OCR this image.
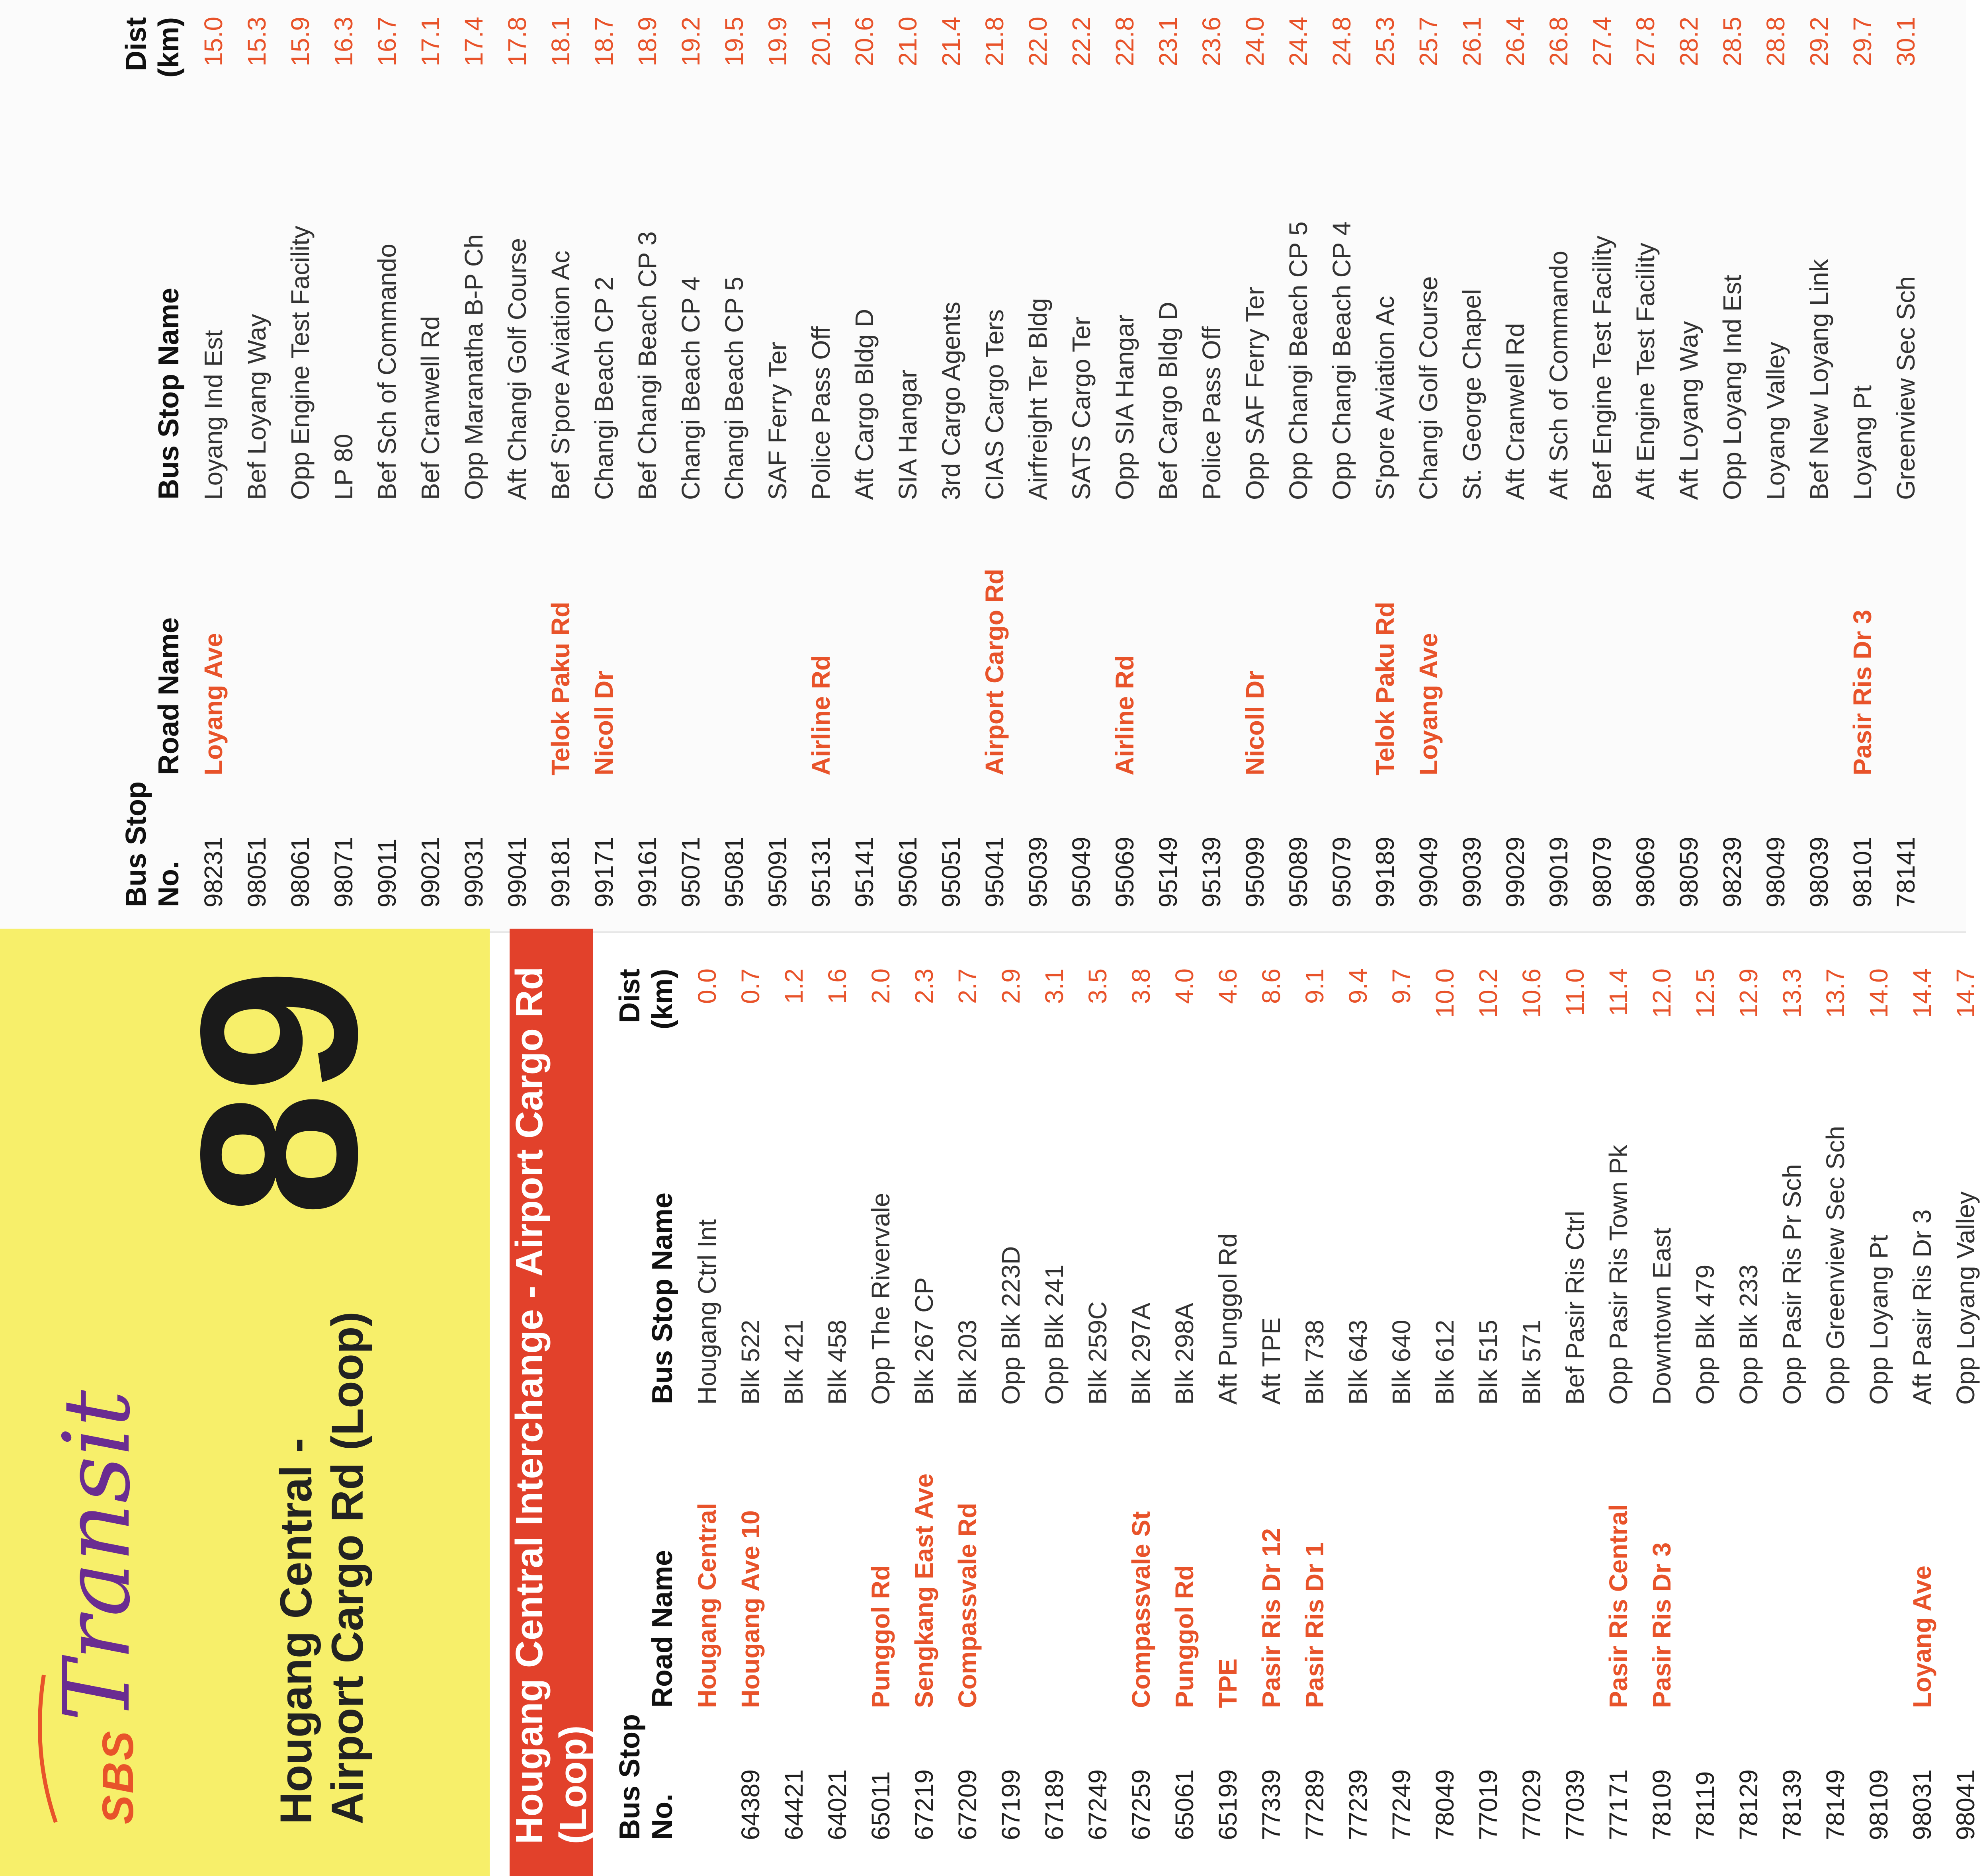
Bus Stop
No.	Road Name	Bus Stop Name	Dist
(km)
98231	Loyang Ave	Loyang Ind Est	15.0
98051		Bef Loyang Way	15.3
98061		Opp Engine Test Facility	15.9
98071		LP 80	16.3
99011		Bef Sch of Commando	16.7
99021		Bef Cranwell Rd	17.1
99031		Opp Maranatha B-P Ch	17.4
99041		Aft Changi Golf Course	17.8
99181	Telok Paku Rd	Bef S'pore Aviation Ac	18.1
99171	Nicoll Dr	Changi Beach CP 2	18.7
99161		Bef Changi Beach CP 3	18.9
95071		Changi Beach CP 4	19.2
95081		Changi Beach CP 5	19.5
95091		SAF Ferry Ter	19.9
95131	Airline Rd	Police Pass Off	20.1
95141		Aft Cargo Bldg D	20.6
95061		SIA Hangar	21.0
95051		3rd Cargo Agents	21.4
95041	Airport Cargo Rd	CIAS Cargo Ters	21.8
95039		Airfreight Ter Bldg	22.0
95049		SATS Cargo Ter	22.2
95069	Airline Rd	Opp SIA Hangar	22.8
95149		Bef Cargo Bldg D	23.1
95139		Police Pass Off	23.6
95099	Nicoll Dr	Opp SAF Ferry Ter	24.0
95089		Opp Changi Beach CP 5	24.4
95079		Opp Changi Beach CP 4	24.8
99189	Telok Paku Rd	S'pore Aviation Ac	25.3
99049	Loyang Ave	Changi Golf Course	25.7
99039		St. George Chapel	26.1
99029		Aft Cranwell Rd	26.4
99019		Aft Sch of Commando	26.8
98079		Bef Engine Test Facility	27.4
98069		Aft Engine Test Facility	27.8
98059		Aft Loyang Way	28.2
98239		Opp Loyang Ind Est	28.5
98049		Loyang Valley	28.8
98039		Bef New Loyang Link	29.2
98101	Pasir Ris Dr 3	Loyang Pt	29.7
78141		Greenview Sec Sch	30.1
SBS
Transit	Hougang Central - Airport Cargo Rd (Loop)
89	Hougang Central Interchange - Airport Cargo Rd (Loop) Bus Stop
No.	Road Name	Bus Stop Name	Dist
(km)
	Hougang Central	Hougang Ctrl Int	0.0
64389	Hougang Ave 10	Blk 522	0.7
64421		Blk 421	1.2
64021		Blk 458	1.6
65011	Punggol Rd	Opp The Rivervale	2.0
67219	Sengkang East Ave	Blk 267 CP	2.3
67209	Compassvale Rd	Blk 203	2.7
67199		Opp Blk 223D	2.9
67189		Opp Blk 241	3.1
67249		Blk 259C	3.5
67259	Compassvale St	Blk 297A	3.8
65061	Punggol Rd	Blk 298A	4.0
65199	TPE	Aft Punggol Rd	4.6
77339	Pasir Ris Dr 12	Aft TPE	8.6
77289	Pasir Ris Dr 1	Blk 738	9.1
77239		Blk 643	9.4
77249		Blk 640	9.7
78049		Blk 612	10.0
77019		Blk 515	10.2
77029		Blk 571	10.6
77039		Bef Pasir Ris Ctrl	11.0
77171	Pasir Ris Central	Opp Pasir Ris Town Pk	11.4
78109	Pasir Ris Dr 3	Downtown East	12.0
78119		Opp Blk 479	12.5
78129		Opp Blk 233	12.9
78139		Opp Pasir Ris Pr Sch	13.3
78149		Opp Greenview Sec Sch	13.7
98109		Opp Loyang Pt	14.0
98031	Loyang Ave	Aft Pasir Ris Dr 3	14.4
98041		Opp Loyang Valley	14.7
